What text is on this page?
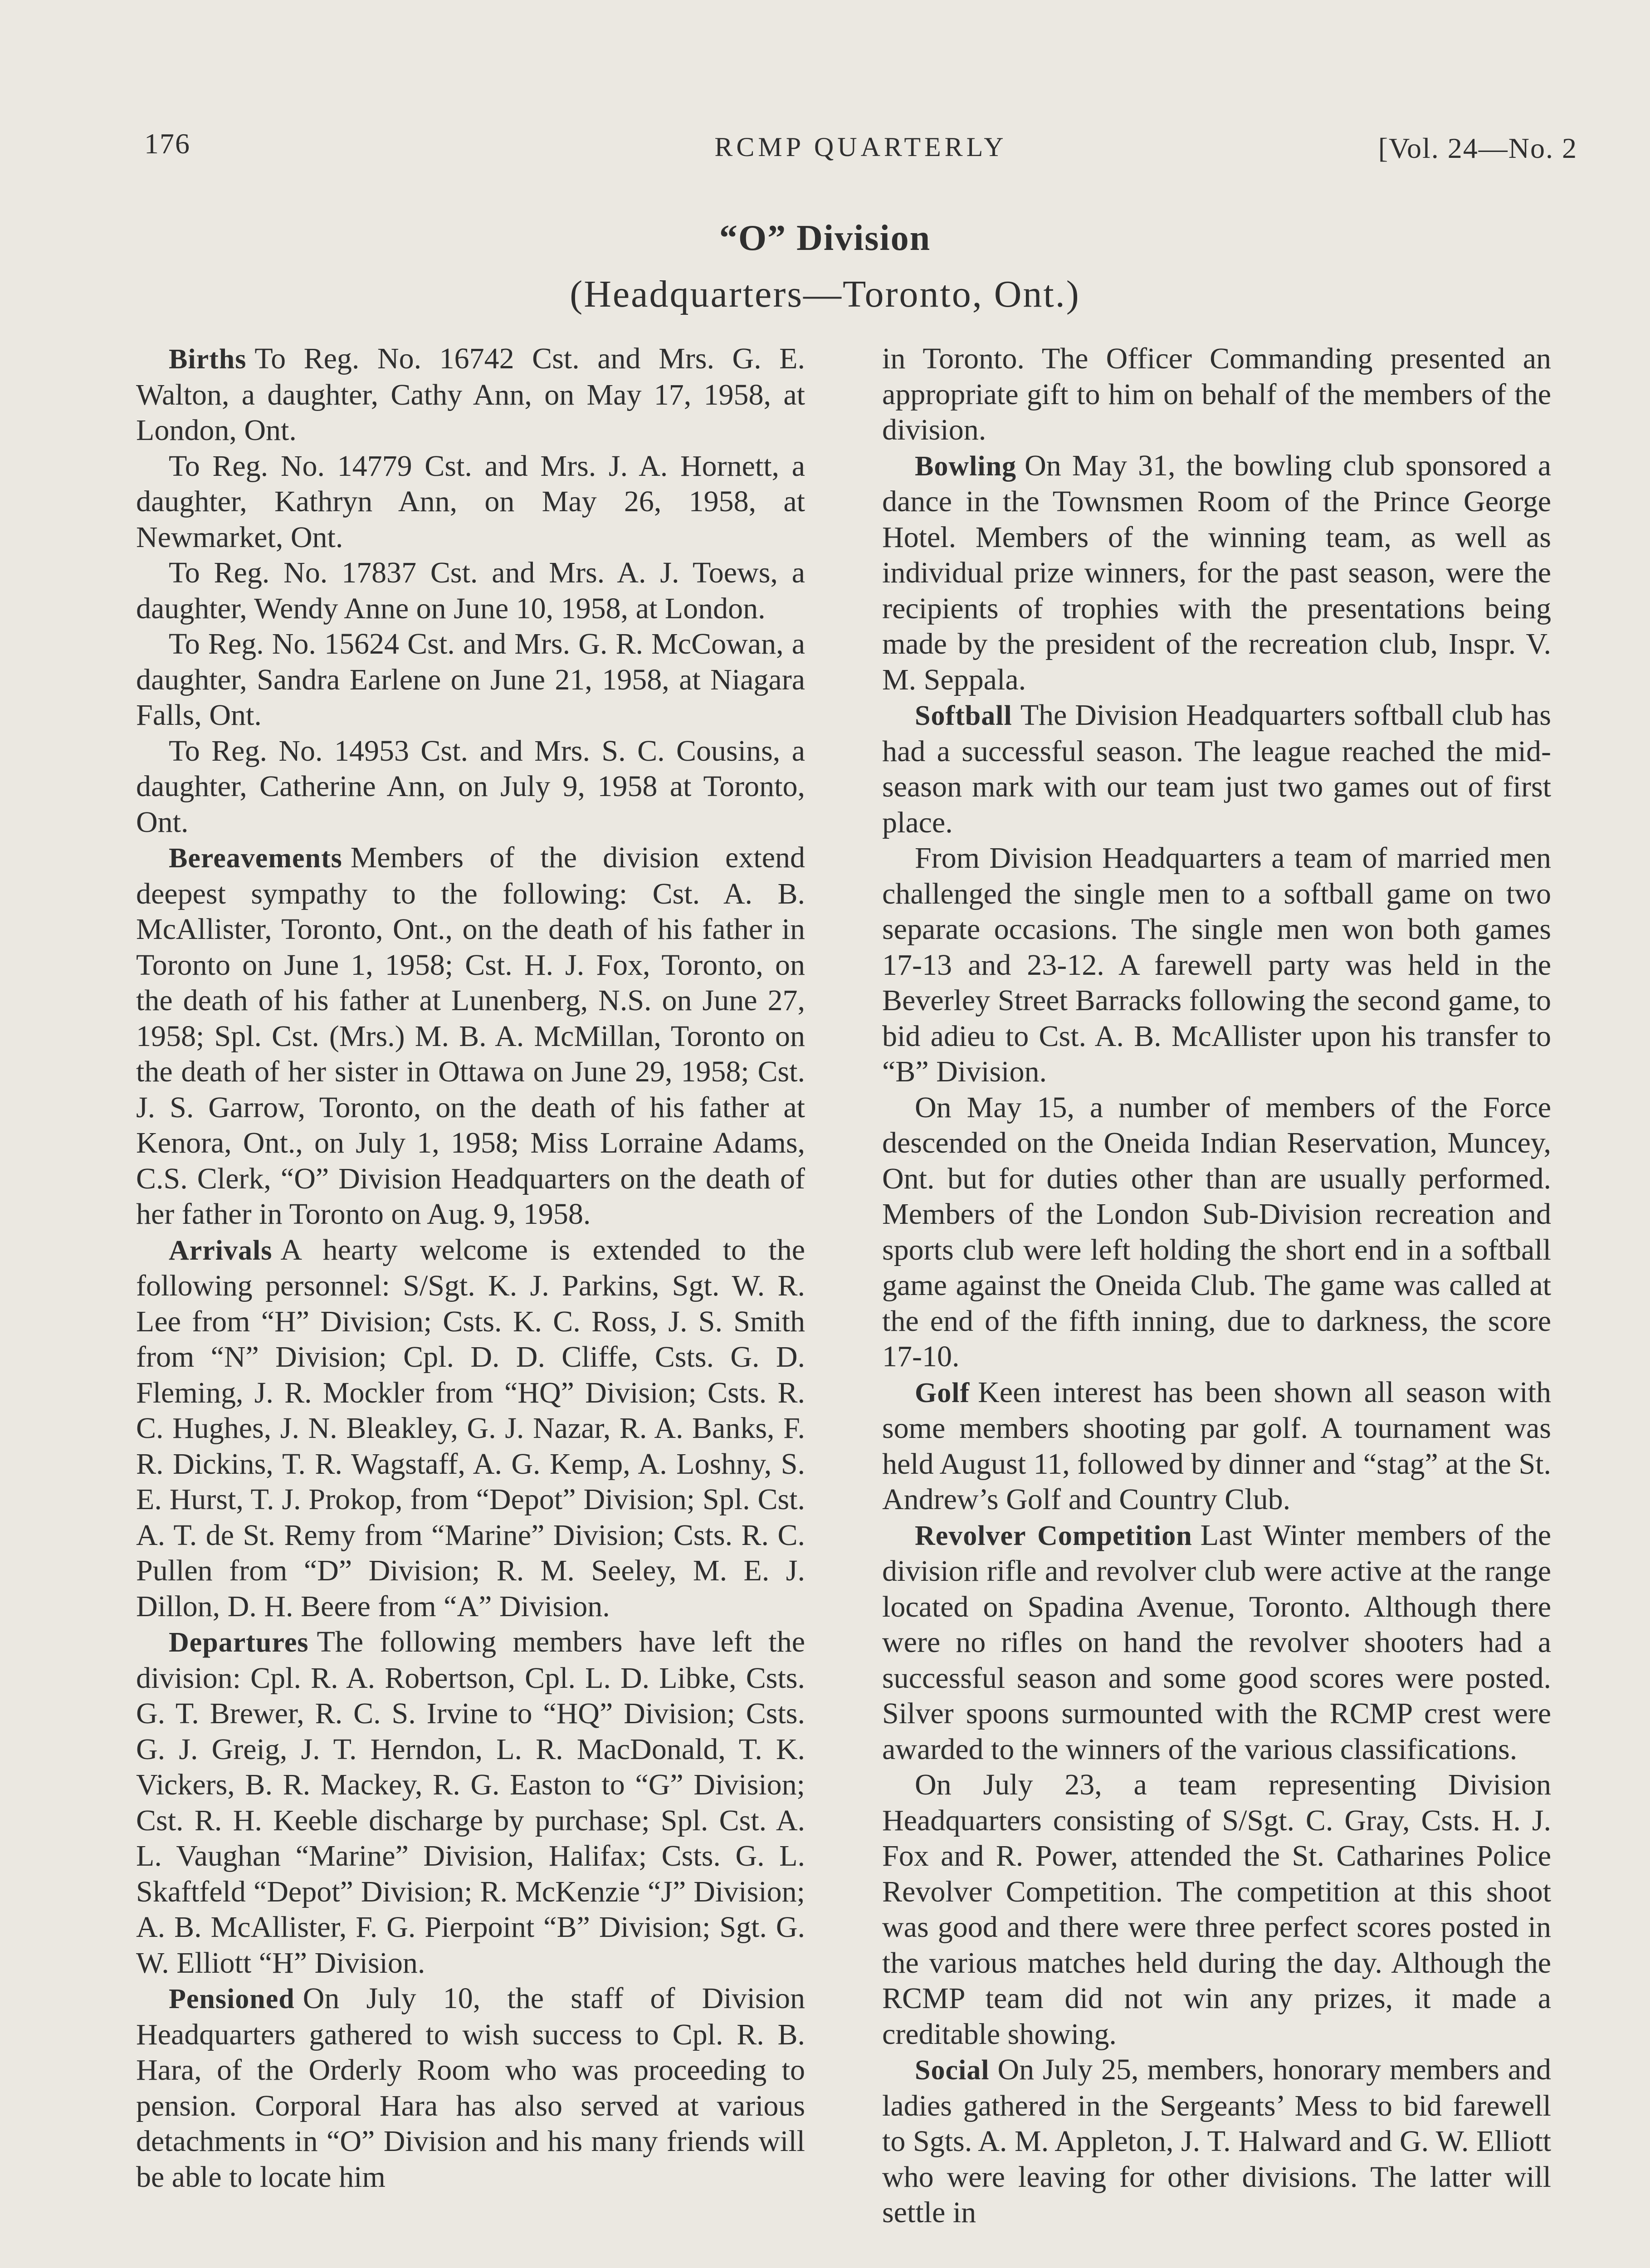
176	RCMP QUARTERLY	[Vol. 24—No. 2
“O” Division
(Headquarters—Toronto, Ont.)

Births To Reg. No. 16742 Cst. and Mrs. G. E. Walton, a daughter, Cathy Ann, on May 17, 1958, at London, Ont.

To Reg. No. 14779 Cst. and Mrs. J. A. Hornett, a daughter, Kathryn Ann, on May 26, 1958, at Newmarket, Ont.

To Reg. No. 17837 Cst. and Mrs. A. J. Toews, a daughter, Wendy Anne on June 10, 1958, at London.

To Reg. No. 15624 Cst. and Mrs. G. R. McCowan, a daughter, Sandra Earlene on June 21, 1958, at Niagara Falls, Ont.

To Reg. No. 14953 Cst. and Mrs. S. C. Cousins, a daughter, Catherine Ann, on July 9, 1958 at Toronto, Ont.

Bereavements Members of the division extend deepest sympathy to the following: Cst. A. B. McAllister, Toronto, Ont., on the death of his father in Toronto on June 1, 1958; Cst. H. J. Fox, Toronto, on the death of his father at Lunenberg, N.S. on June 27, 1958; Spl. Cst. (Mrs.) M. B. A. McMillan, Toronto on the death of her sister in Ottawa on June 29, 1958; Cst. J. S. Garrow, Toronto, on the death of his father at Kenora, Ont., on July 1, 1958; Miss Lorraine Adams, C.S. Clerk, “O” Division Headquarters on the death of her father in Toronto on Aug. 9, 1958.

Arrivals A hearty welcome is extended to the following personnel: S/Sgt. K. J. Parkins, Sgt. W. R. Lee from “H” Division; Csts. K. C. Ross, J. S. Smith from “N” Division; Cpl. D. D. Cliffe, Csts. G. D. Fleming, J. R. Mockler from “HQ” Division; Csts. R. C. Hughes, J. N. Bleakley, G. J. Nazar, R. A. Banks, F. R. Dickins, T. R. Wagstaff, A. G. Kemp, A. Loshny, S. E. Hurst, T. J. Prokop, from “Depot” Division; Spl. Cst. A. T. de St. Remy from “Marine” Division; Csts. R. C. Pullen from “D” Division; R. M. Seeley, M. E. J. Dillon, D. H. Beere from “A” Division.

Departures The following members have left the division: Cpl. R. A. Robertson, Cpl. L. D. Libke, Csts. G. T. Brewer, R. C. S. Irvine to “HQ” Division; Csts. G. J. Greig, J. T. Herndon, L. R. MacDonald, T. K. Vickers, B. R. Mackey, R. G. Easton to “G” Division; Cst. R. H. Keeble discharge by purchase; Spl. Cst. A. L. Vaughan “Marine” Division, Halifax; Csts. G. L. Skaftfeld “Depot” Division; R. McKenzie “J” Division; A. B. McAllister, F. G. Pierpoint “B” Division; Sgt. G. W. Elliott “H” Division.

Pensioned On July 10, the staff of Division Headquarters gathered to wish success to Cpl. R. B. Hara, of the Orderly Room who was proceeding to pension. Corporal Hara has also served at various detachments in “O” Division and his many friends will be able to locate him

in Toronto. The Officer Commanding presented an appropriate gift to him on behalf of the members of the division.

Bowling On May 31, the bowling club sponsored a dance in the Townsmen Room of the Prince George Hotel. Members of the winning team, as well as individual prize winners, for the past season, were the recipients of trophies with the presentations being made by the president of the recreation club, Inspr. V. M. Seppala.

Softball The Division Headquarters softball club has had a successful season. The league reached the mid-season mark with our team just two games out of first place.

From Division Headquarters a team of married men challenged the single men to a softball game on two separate occasions. The single men won both games 17-13 and 23-12. A farewell party was held in the Beverley Street Barracks following the second game, to bid adieu to Cst. A. B. McAllister upon his transfer to “B” Division.

On May 15, a number of members of the Force descended on the Oneida Indian Reservation, Muncey, Ont. but for duties other than are usually performed. Members of the London Sub-Division recreation and sports club were left holding the short end in a softball game against the Oneida Club. The game was called at the end of the fifth inning, due to darkness, the score 17-10.

Golf Keen interest has been shown all season with some members shooting par golf. A tournament was held August 11, followed by dinner and “stag” at the St. Andrew’s Golf and Country Club.

Revolver Competition Last Winter members of the division rifle and revolver club were active at the range located on Spadina Avenue, Toronto. Although there were no rifles on hand the revolver shooters had a successful season and some good scores were posted. Silver spoons surmounted with the RCMP crest were awarded to the winners of the various classifications.

On July 23, a team representing Division Headquarters consisting of S/Sgt. C. Gray, Csts. H. J. Fox and R. Power, attended the St. Catharines Police Revolver Competition. The competition at this shoot was good and there were three perfect scores posted in the various matches held during the day. Although the RCMP team did not win any prizes, it made a creditable showing.

Social On July 25, members, honorary members and ladies gathered in the Sergeants’ Mess to bid farewell to Sgts. A. M. Appleton, J. T. Halward and G. W. Elliott who were leaving for other divisions. The latter will settle in
